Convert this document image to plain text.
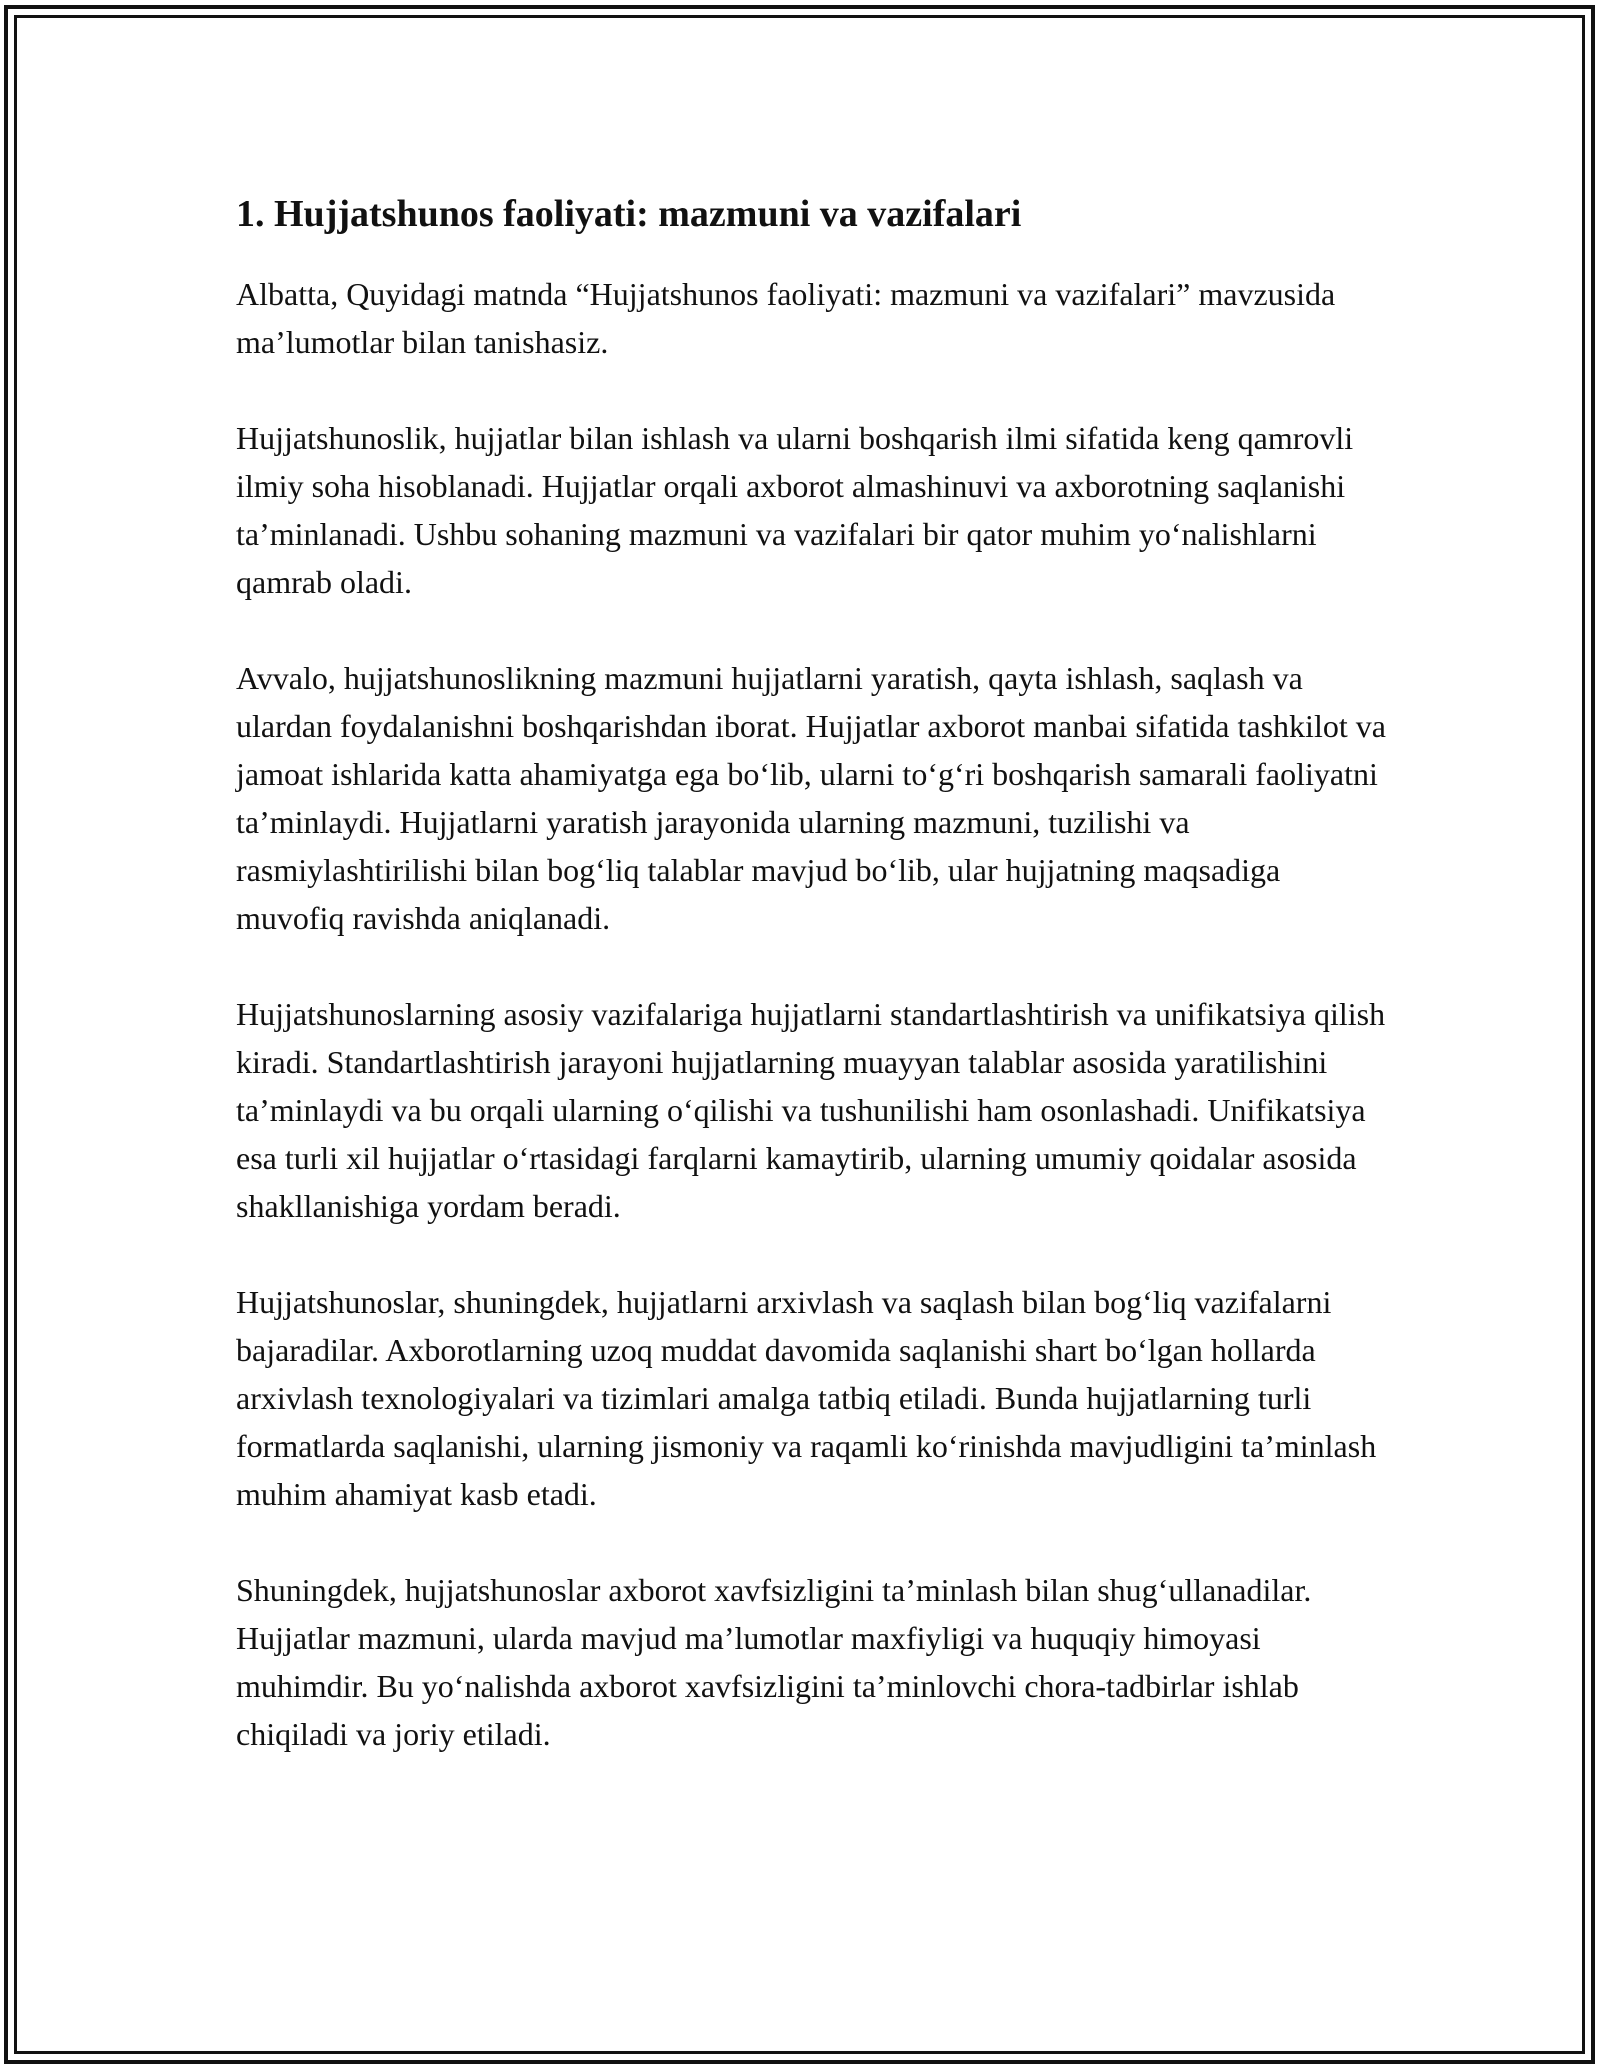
1. Hujjatshunos faoliyati: mazmuni va vazifalari

Albatta, Quyidagi matnda “Hujjatshunos faoliyati: mazmuni va vazifalari” mavzusida ma’lumotlar bilan tanishasiz.

Hujjatshunoslik, hujjatlar bilan ishlash va ularni boshqarish ilmi sifatida keng qamrovli ilmiy soha hisoblanadi. Hujjatlar orqali axborot almashinuvi va axborotning saqlanishi ta’minlanadi. Ushbu sohaning mazmuni va vazifalari bir qator muhim yo‘nalishlarni qamrab oladi.

Avvalo, hujjatshunoslikning mazmuni hujjatlarni yaratish, qayta ishlash, saqlash va ulardan foydalanishni boshqarishdan iborat. Hujjatlar axborot manbai sifatida tashkilot va jamoat ishlarida katta ahamiyatga ega bo‘lib, ularni to‘g‘ri boshqarish samarali faoliyatni ta’minlaydi. Hujjatlarni yaratish jarayonida ularning mazmuni, tuzilishi va rasmiylashtirilishi bilan bog‘liq talablar mavjud bo‘lib, ular hujjatning maqsadiga muvofiq ravishda aniqlanadi.

Hujjatshunoslarning asosiy vazifalariga hujjatlarni standartlashtirish va unifikatsiya qilish kiradi. Standartlashtirish jarayoni hujjatlarning muayyan talablar asosida yaratilishini ta’minlaydi va bu orqali ularning o‘qilishi va tushunilishi ham osonlashadi. Unifikatsiya esa turli xil hujjatlar o‘rtasidagi farqlarni kamaytirib, ularning umumiy qoidalar asosida shakllanishiga yordam beradi.

Hujjatshunoslar, shuningdek, hujjatlarni arxivlash va saqlash bilan bog‘liq vazifalarni bajaradilar. Axborotlarning uzoq muddat davomida saqlanishi shart bo‘lgan hollarda arxivlash texnologiyalari va tizimlari amalga tatbiq etiladi. Bunda hujjatlarning turli formatlarda saqlanishi, ularning jismoniy va raqamli ko‘rinishda mavjudligini ta’minlash muhim ahamiyat kasb etadi.

Shuningdek, hujjatshunoslar axborot xavfsizligini ta’minlash bilan shug‘ullanadilar. Hujjatlar mazmuni, ularda mavjud ma’lumotlar maxfiyligi va huquqiy himoyasi muhimdir. Bu yo‘nalishda axborot xavfsizligini ta’minlovchi chora-tadbirlar ishlab chiqiladi va joriy etiladi.
